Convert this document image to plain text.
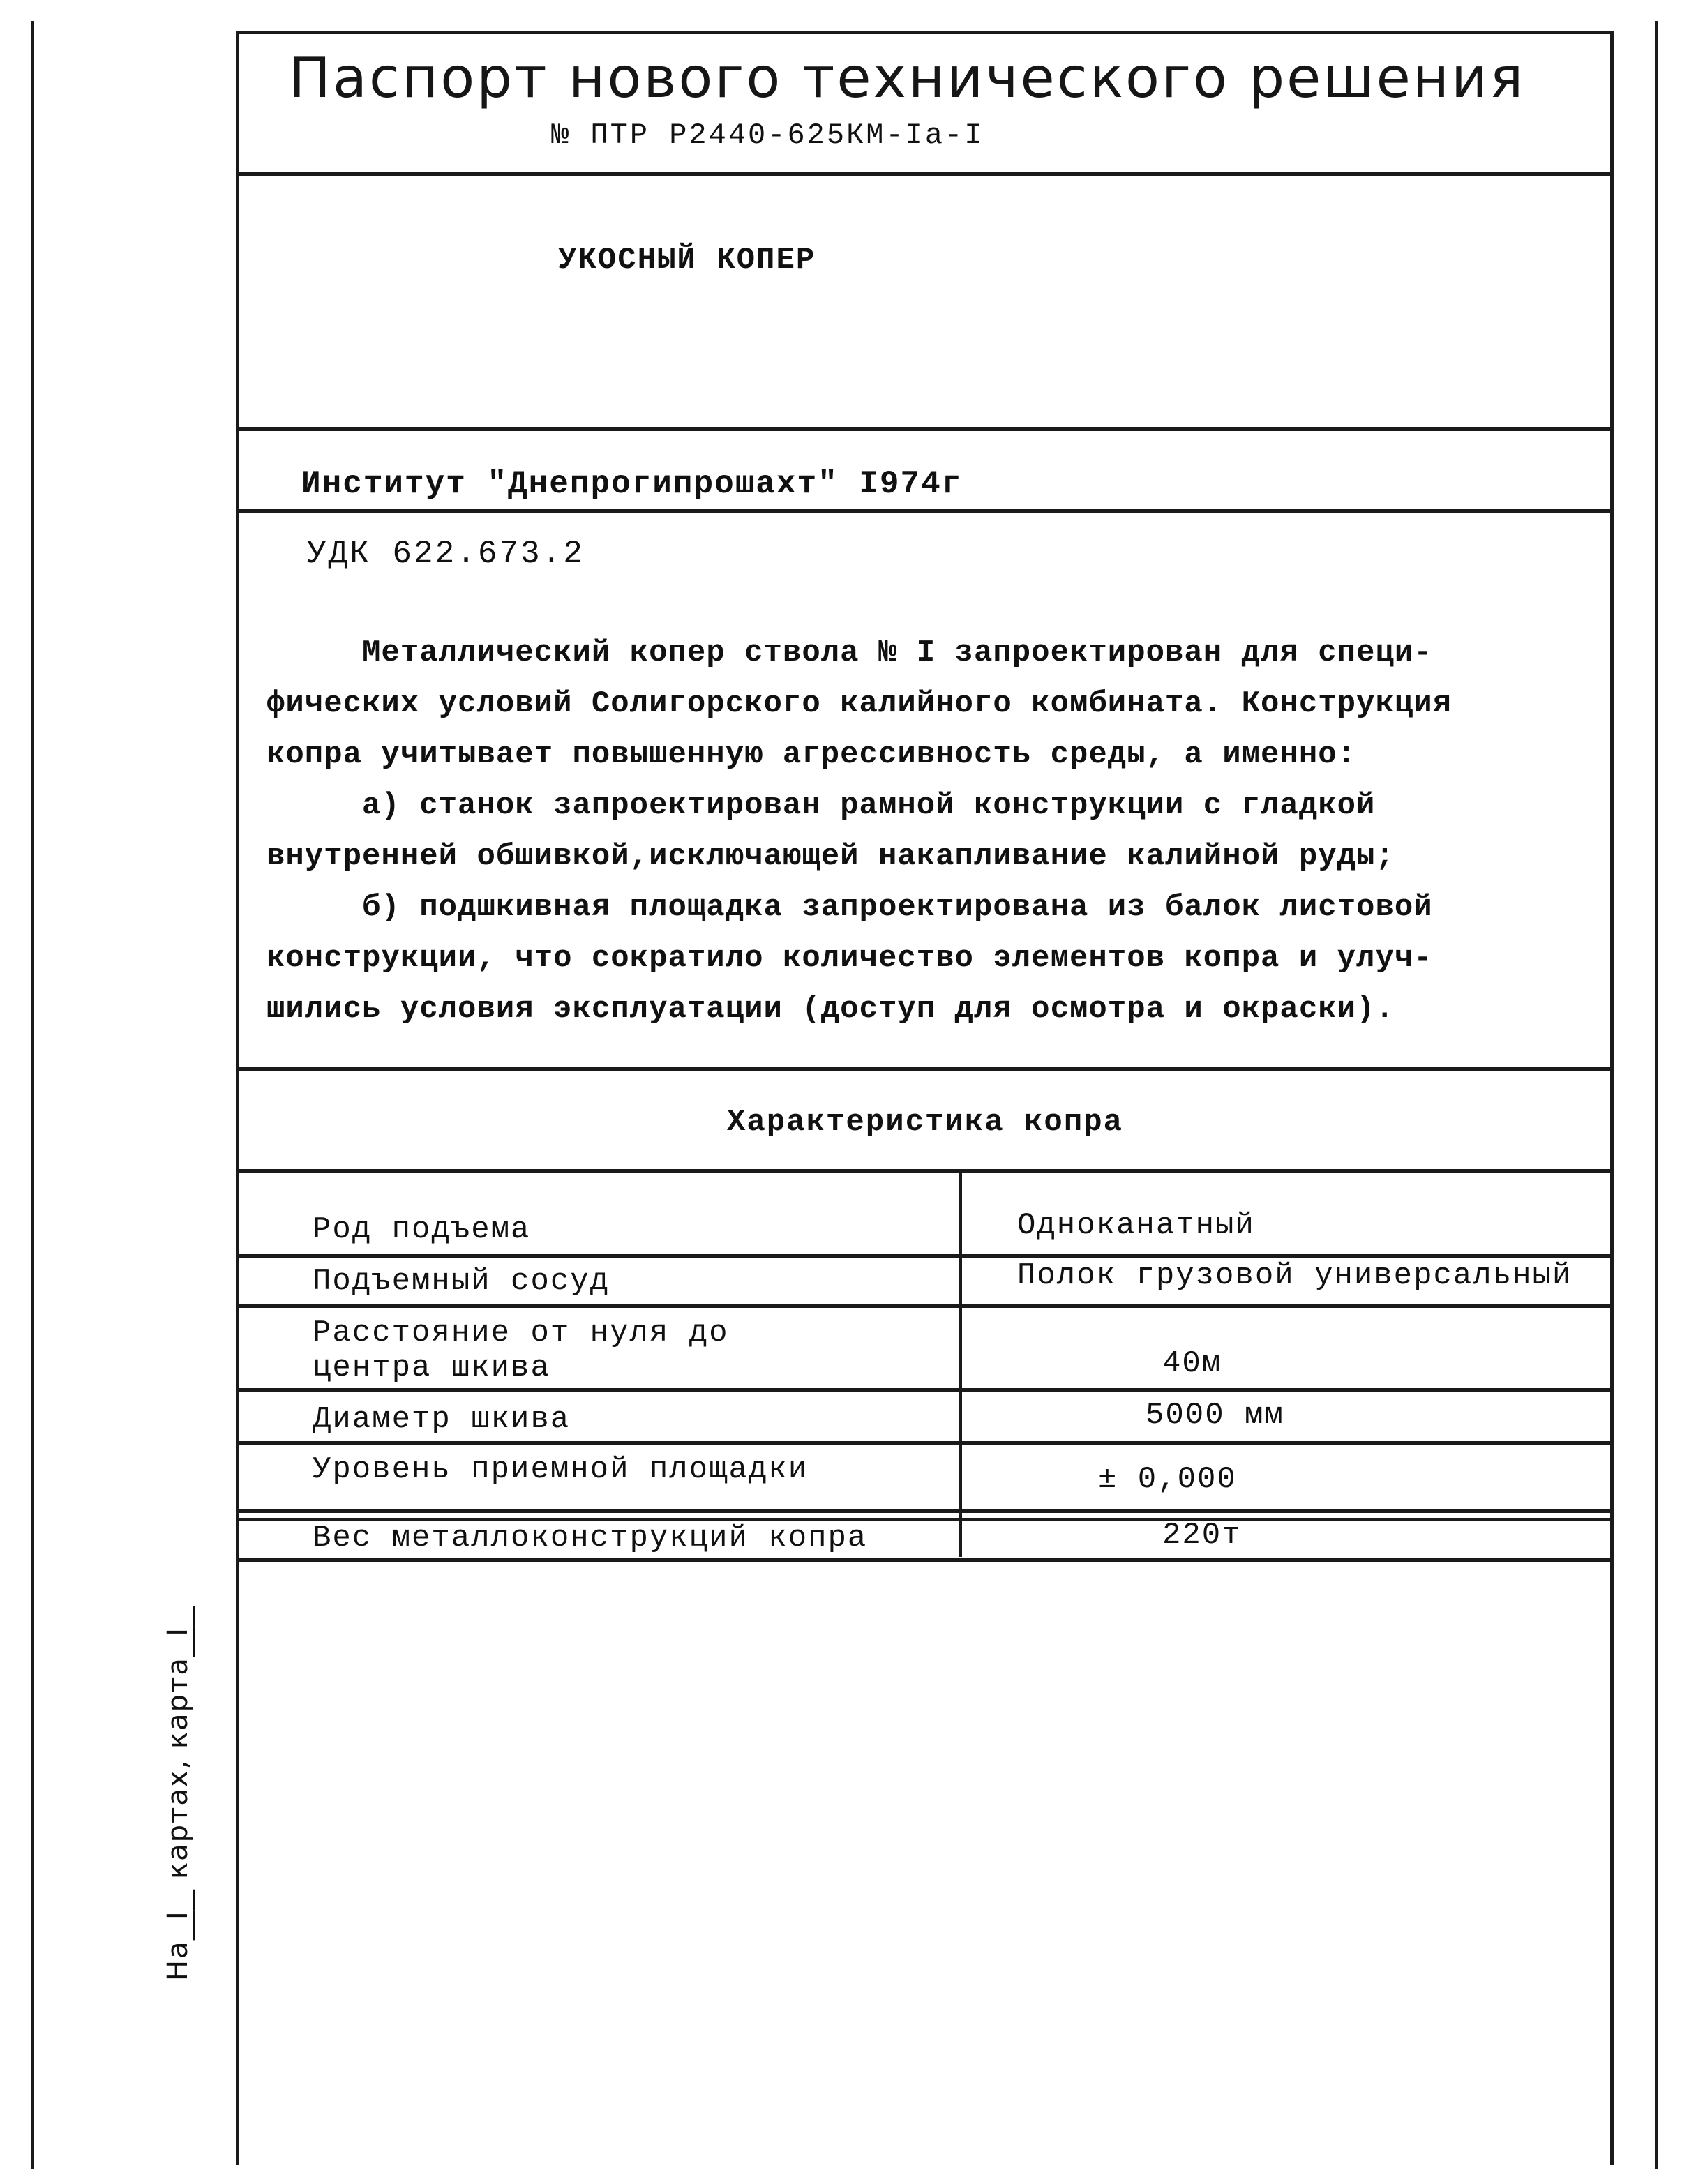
Паспорт нового технического решения
№ ПТР Р2440-625КМ-Iа-I
УКОСНЫЙ КОПЕР
Институт "Днепрогипрошахт" I974г
УДК 622.673.2

Металлический копер ствола № I запроектирован для специ-

фических условий Солигорского калийного комбината. Конструкция

копра учитывает повышенную агрессивность среды, а именно:

а) станок запроектирован рамной конструкции с гладкой

внутренней обшивкой,исключающей накапливание калийной руды;

б) подшкивная площадка запроектирована из балок листовой

конструкции, что сократило количество элементов копра и улуч-

шились условия эксплуатации (доступ для осмотра и окраски).

Характеристика копра
Род подъема	Одноканатный
Подъемный сосуд	Полок грузовой универсальный
Расстояние от нуля до
центра шкива	40м
Диаметр шкива	5000 мм
Уровень приемной площадки	± 0,000
Вес металлоконструкций копра	220т
На  I   картах, карта  I
